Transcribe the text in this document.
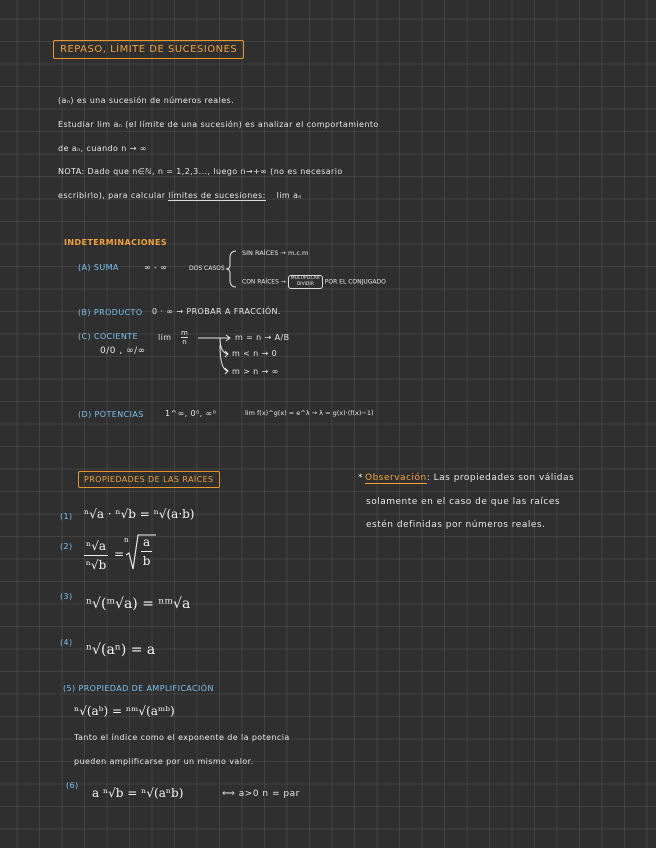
REPASO, LÍMITE DE SUCESIONES
(aₙ) es una sucesión de números reales.
Estudiar lim aₙ (el límite de una sucesión) es analizar el comportamiento
de aₙ, cuando n → ∞
NOTA: Dado que n∈ℕ, n = 1,2,3..., luego n→+∞ (no es necesario
escribirlo), para calcular límites de sucesiones: lim aₙ
INDETERMINACIONES
(A) SUMA	∞ - ∞	DOS CASOS
SIN RAÍCES → m.c.m
CON RAÍCES → MULTIPLICAR
DIVIDIR POR EL CONJUGADO
(B) PRODUCTO 0 · ∞ → PROBAR A FRACCIÓN.
(C) COCIENTE
0/0 , ∞/∞
$\lim \frac{m}{n}$	m = n → A/B
m < n → 0
m > n → ∞
(D) POTENCIAS	1^∞, 0⁰, ∞⁰	lim f(x)^g(x) = e^λ → λ = g(x)·(f(x)−1)
PROPIEDADES DE LAS RAÍCES
(1) ⁿ√a · ⁿ√b = ⁿ√(a·b)
$(2) \frac{\text{ⁿ√a}}{\text{ⁿ√b}}$ =
n $\frac{a}{b}$
(3) ⁿ√(ᵐ√a) = ⁿᵐ√a
(4) ⁿ√(aⁿ) = a
(5) PROPIEDAD DE AMPLIFICACIÓN
ⁿ√(aᵇ) = ⁿᵐ√(aᵐᵇ)
Tanto el índice como el exponente de la potencia
pueden amplificarse por un mismo valor.
(6)
a ⁿ√b = ⁿ√(aⁿb)	⟺ a>0 n = par
* Observación: Las propiedades son válidas
solamente en el caso de que las raíces
estén definidas por números reales.
